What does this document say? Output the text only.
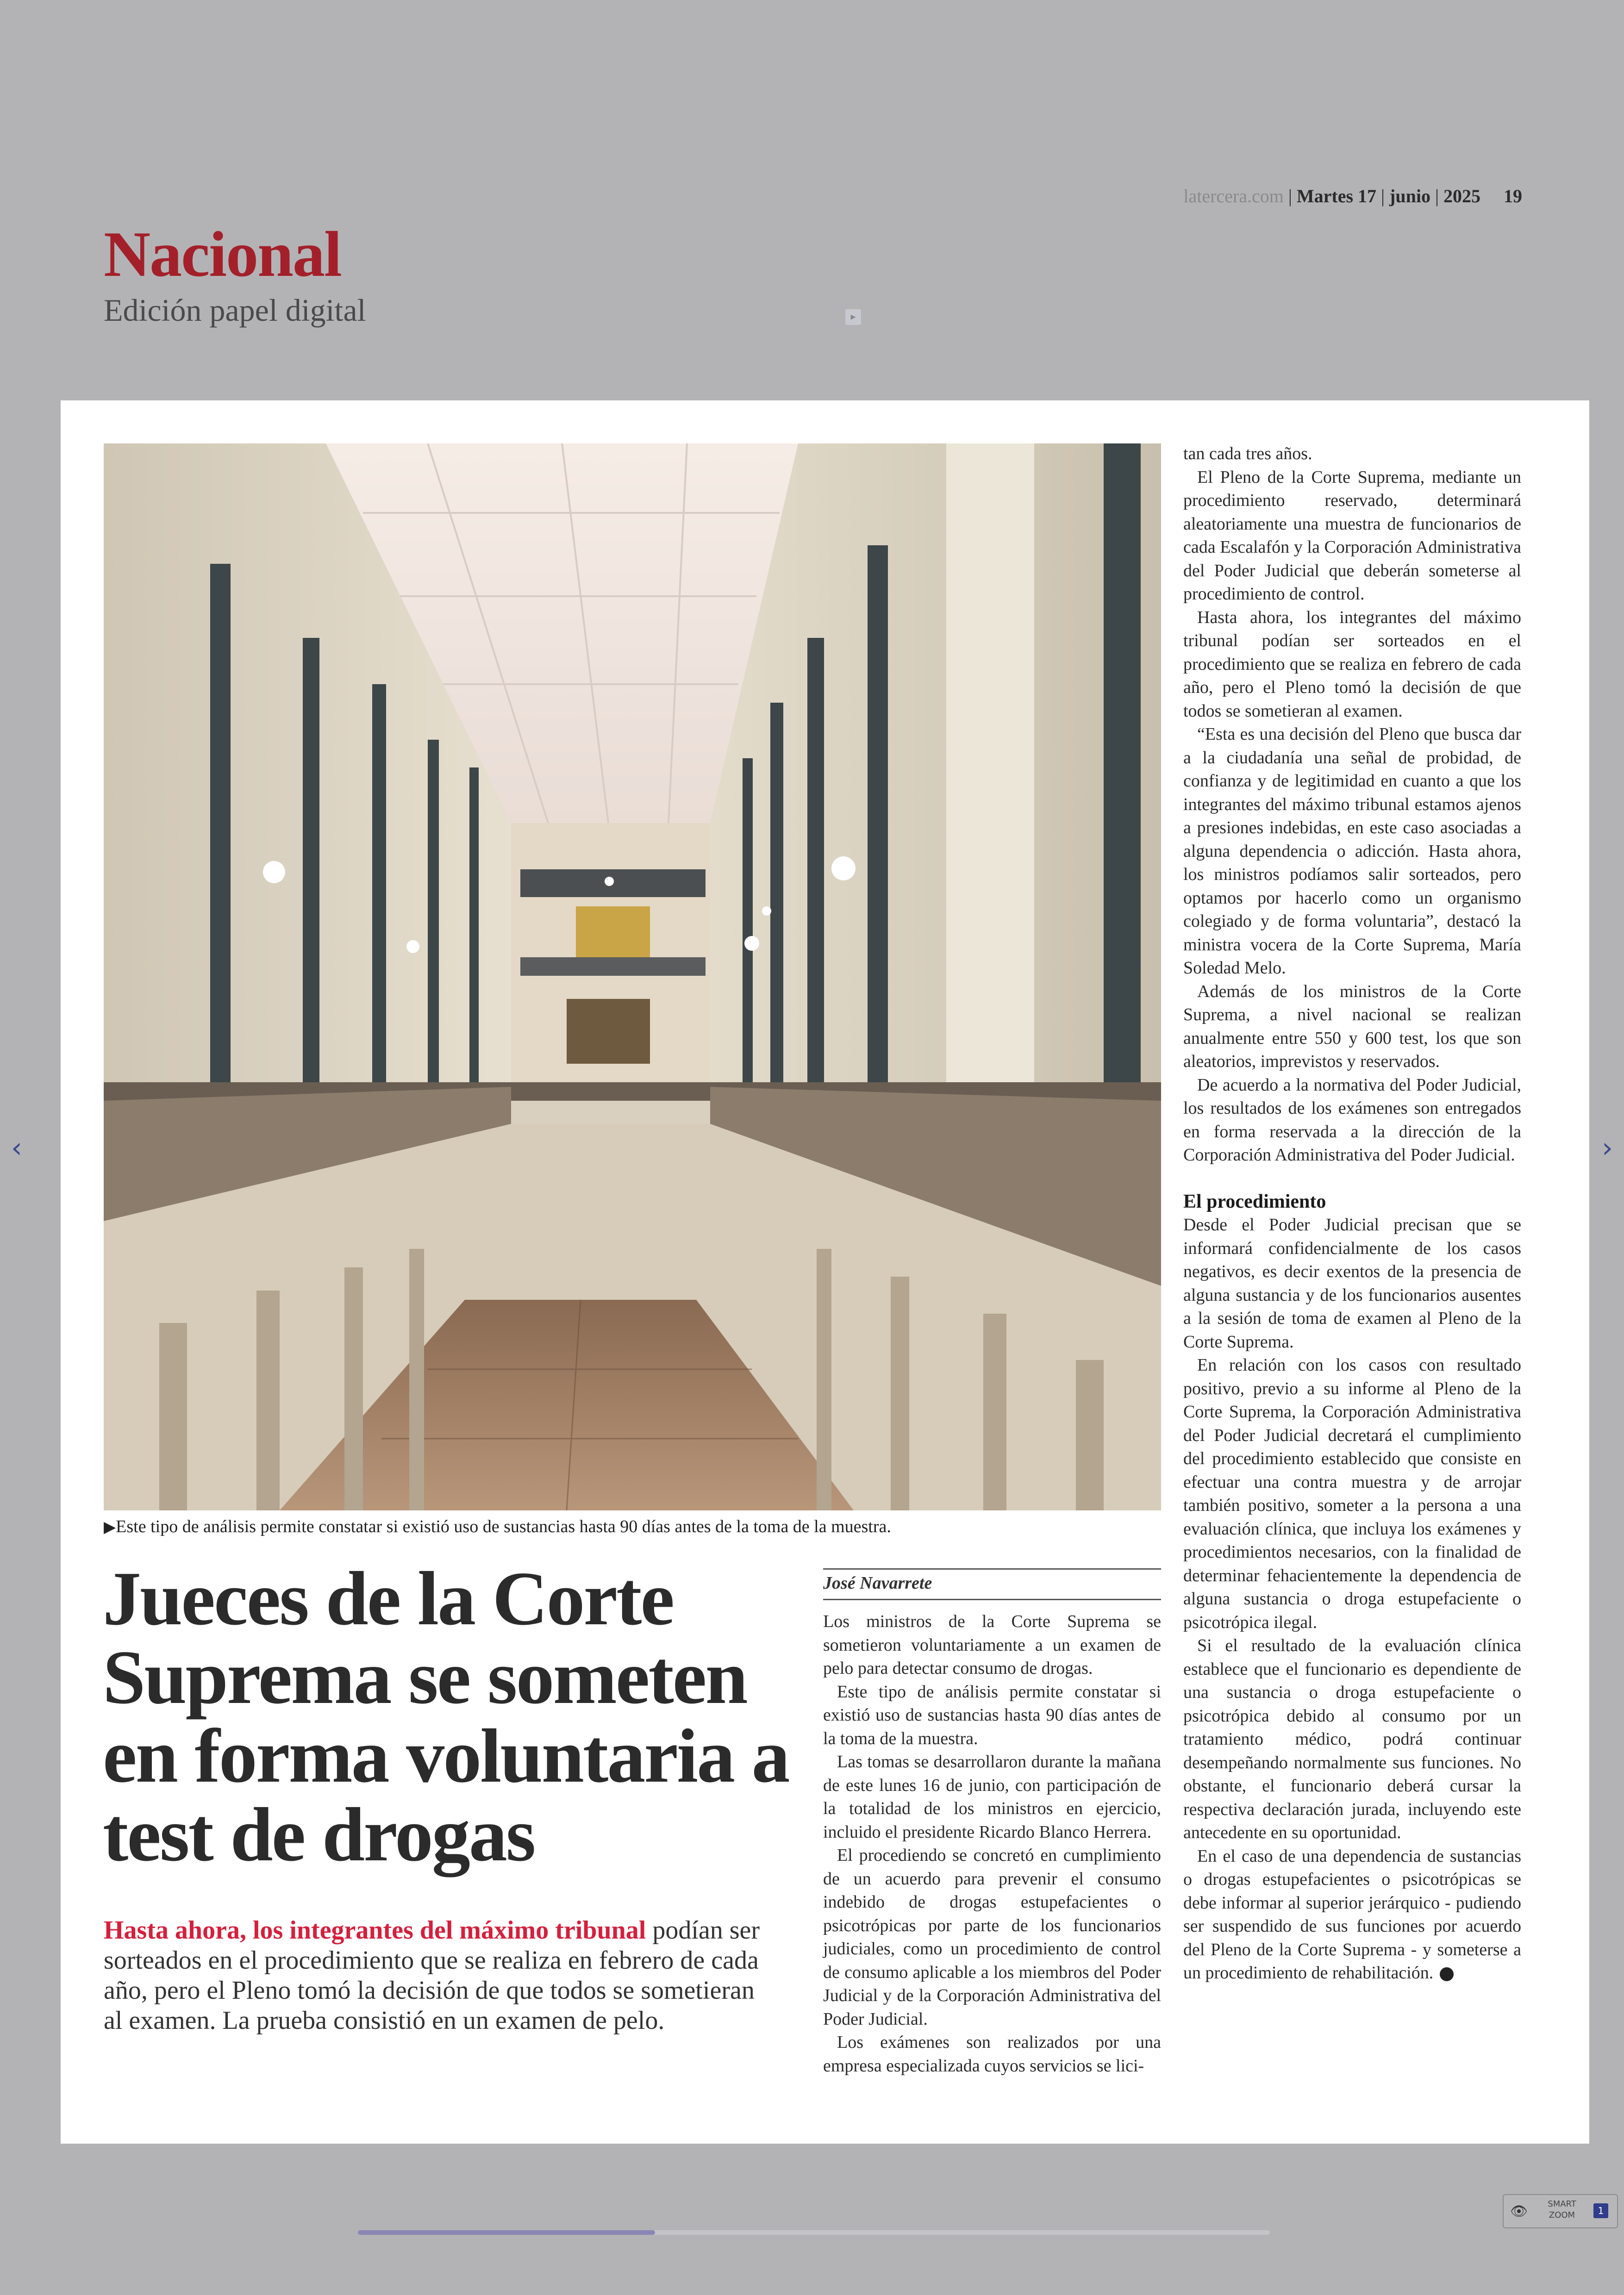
latercera.com | Martes 17 | junio | 2025 19
Nacional
Edición papel digital	▸
▶Este tipo de análisis permite constatar si existió uso de sustancias hasta 90 días antes de la toma de la muestra.
Jueces de la Corte Suprema se someten en forma voluntaria a test de drogas
Hasta ahora, los integrantes del máximo tribunal podían ser sorteados en el procedimiento que se realiza en febrero de cada año, pero el Pleno tomó la decisión de que todos se sometieran al examen. La prueba consistió en un examen de pelo.
José Navarrete

Los ministros de la Corte Suprema se sometieron voluntariamente a un examen de pelo para detectar consumo de drogas.

Este tipo de análisis permite constatar si existió uso de sustancias hasta 90 días antes de la toma de la muestra.

Las tomas se desarrollaron durante la mañana de este lunes 16 de junio, con participación de la totalidad de los ministros en ejercicio, incluido el presidente Ricardo Blanco Herrera.

El procediendo se concretó en cumplimiento de un acuerdo para prevenir el consumo indebido de drogas estupefacientes o psicotrópicas por parte de los funcionarios judiciales, como un procedimiento de control de consumo aplicable a los miembros del Poder Judicial y de la Corporación Administrativa del Poder Judicial.

Los exámenes son realizados por una empresa especializada cuyos servicios se lici-

tan cada tres años.

El Pleno de la Corte Suprema, mediante un procedimiento reservado, determinará aleatoriamente una muestra de funcionarios de cada Escalafón y la Corporación Administrativa del Poder Judicial que deberán someterse al procedimiento de control.

Hasta ahora, los integrantes del máximo tribunal podían ser sorteados en el procedimiento que se realiza en febrero de cada año, pero el Pleno tomó la decisión de que todos se sometieran al examen.

“Esta es una decisión del Pleno que busca dar a la ciudadanía una señal de probidad, de confianza y de legitimidad en cuanto a que los integrantes del máximo tribunal estamos ajenos a presiones indebidas, en este caso asociadas a alguna dependencia o adicción. Hasta ahora, los ministros podíamos salir sorteados, pero optamos por hacerlo como un organismo colegiado y de forma voluntaria”, destacó la ministra vocera de la Corte Suprema, María Soledad Melo.

Además de los ministros de la Corte Suprema, a nivel nacional se realizan anualmente entre 550 y 600 test, los que son aleatorios, imprevistos y reservados.

De acuerdo a la normativa del Poder Judicial, los resultados de los exámenes son entregados en forma reservada a la dirección de la Corporación Administrativa del Poder Judicial.

El procedimiento

Desde el Poder Judicial precisan que se informará confidencialmente de los casos negativos, es decir exentos de la presencia de alguna sustancia y de los funcionarios ausentes a la sesión de toma de examen al Pleno de la Corte Suprema.

En relación con los casos con resultado positivo, previo a su informe al Pleno de la Corte Suprema, la Corporación Administrativa del Poder Judicial decretará el cumplimiento del procedimiento establecido que consiste en efectuar una contra muestra y de arrojar también positivo, someter a la persona a una evaluación clínica, que incluya los exámenes y procedimientos necesarios, con la finalidad de determinar fehacientemente la dependencia de alguna sustancia o droga estupefaciente o psicotrópica ilegal.

Si el resultado de la evaluación clínica establece que el funcionario es dependiente de una sustancia o droga estupefaciente o psicotrópica debido al consumo por un tratamiento médico, podrá continuar desempeñando normalmente sus funciones. No obstante, el funcionario deberá cursar la respectiva declaración jurada, incluyendo este antecedente en su oportunidad.

En el caso de una dependencia de sustancias o drogas estupefacientes o psicotrópicas se debe informar al superior jerárquico - pudiendo ser suspendido de sus funciones por acuerdo del Pleno de la Corte Suprema - y someterse a un procedimiento de rehabilitación.

‹	›
👁	SMART
ZOOM	1
